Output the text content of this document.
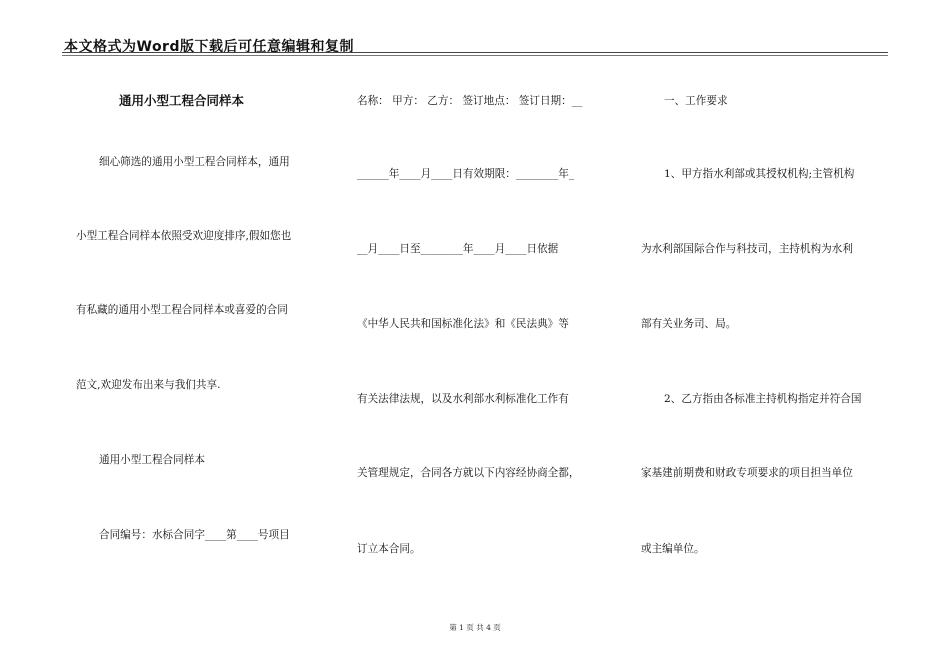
本文格式为Word版下载后可任意编辑和复制
通用小型工程合同样本
细心筛选的通用小型工程合同样本，通用
小型工程合同样本依照受欢迎度排序,假如您也
有私藏的通用小型工程合同样本或喜爱的合同
范文,欢迎发布出来与我们共享.
通用小型工程合同样本
合同编号：水标合同字____第____号项目
名称： 甲方： 乙方： 签订地点： 签订日期：__
______年____月____日有效期限：________年_
__月____日至________年____月____日依据
《中华人民共和国标准化法》和《民法典》等
有关法律法规，以及水利部水利标准化工作有
关管理规定，合同各方就以下内容经协商全都，
订立本合同。
一、工作要求
1、甲方指水利部或其授权机构;主管机构
为水利部国际合作与科技司，主持机构为水利
部有关业务司、局。
2、乙方指由各标准主持机构指定并符合国
家基建前期费和财政专项要求的项目担当单位
或主编单位。
第 1 页 共 4 页
